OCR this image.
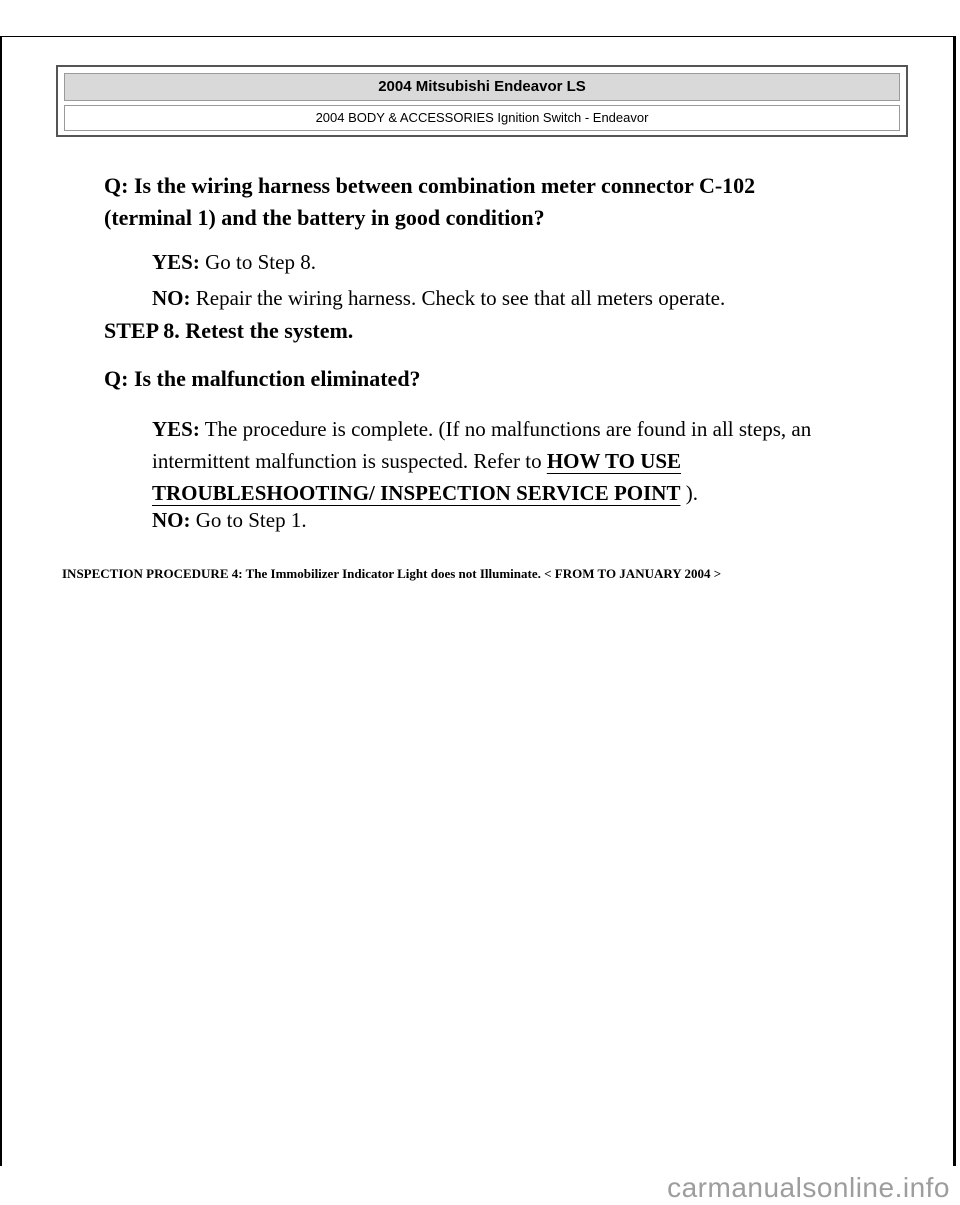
2004 Mitsubishi Endeavor LS
2004 BODY & ACCESSORIES Ignition Switch - Endeavor

Q: Is the wiring harness between combination meter connector C-102
(terminal 1) and the battery in good condition?

YES: Go to Step 8.

NO: Repair the wiring harness. Check to see that all meters operate.

STEP 8. Retest the system.

Q: Is the malfunction eliminated?

YES: The procedure is complete. (If no malfunctions are found in all steps, an intermittent malfunction is suspected. Refer to HOW TO USE TROUBLESHOOTING/ INSPECTION SERVICE POINT ).

NO: Go to Step 1.

INSPECTION PROCEDURE 4: The Immobilizer Indicator Light does not Illuminate. < FROM TO JANUARY 2004 >
carmanualsonline.info
